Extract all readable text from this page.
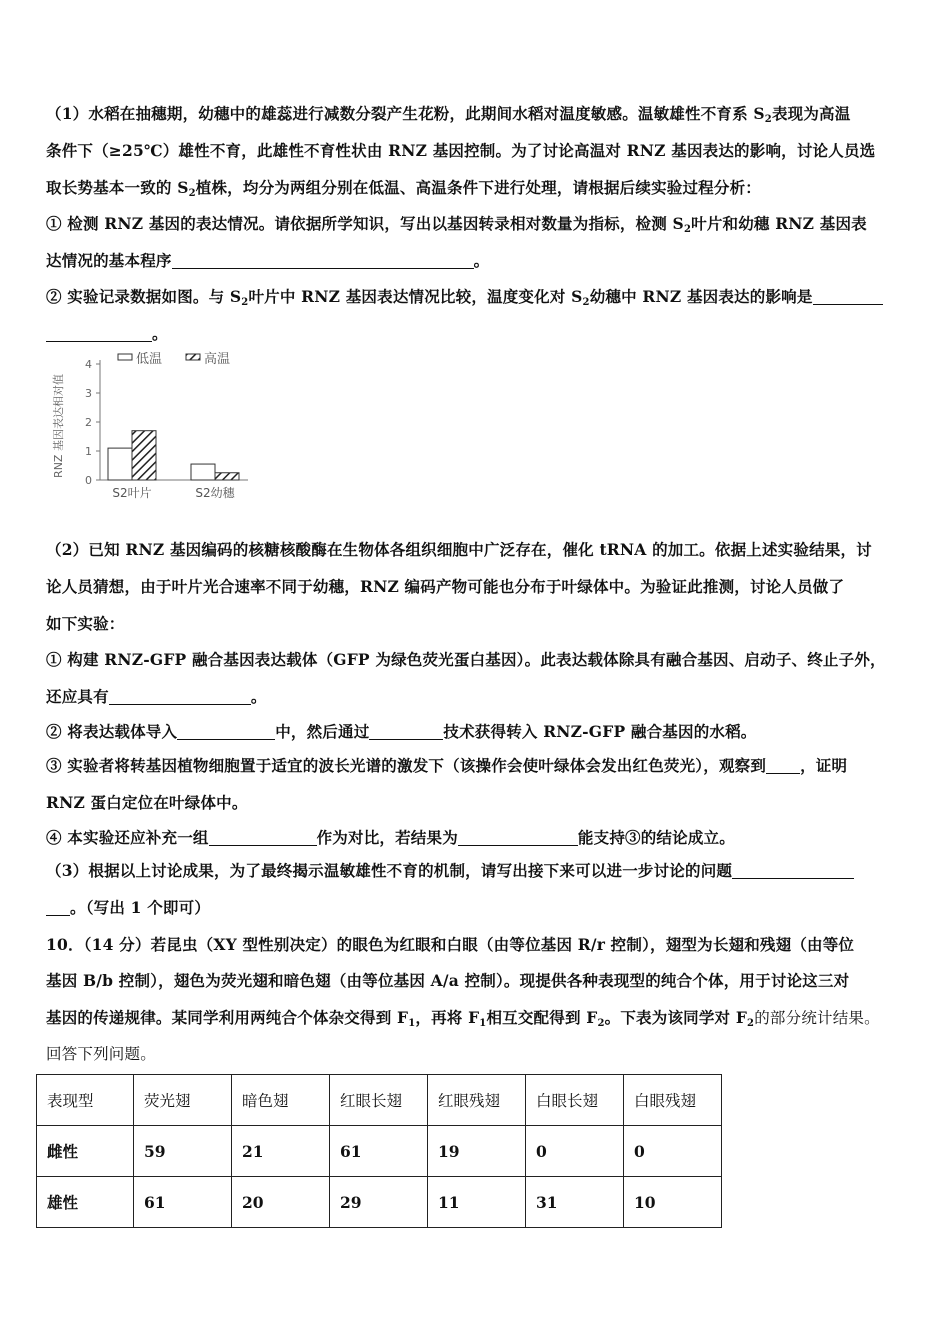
（1）水稻在抽穗期，幼穗中的雄蕊进行减数分裂产生花粉，此期间水稻对温度敏感。温敏雄性不育系 $S_2$表现为高温
条件下（≥25℃）雄性不育，此雄性不育性状由 RNZ 基因控制。为了讨论高温对 RNZ 基因表达的影响，讨论人员选
取长势基本一致的 $S_2$植株，均分为两组分别在低温、高温条件下进行处理，请根据后续实验过程分析：
① 检测 RNZ 基因的表达情况。请依据所学知识，写出以基因转录相对数量为指标，检测 $S_2$叶片和幼穗 RNZ 基因表
达情况的基本程序	。
② 实验记录数据如图。与 $S_2$叶片中 RNZ 基因表达情况比较，温度变化对 $S_2$幼穗中 RNZ 基因表达的影响是
。
RNZ 基因表达相对值
0
1
2
3
4
S2叶片	S2幼穗
低温	高温
（2）已知 RNZ 基因编码的核糖核酸酶在生物体各组织细胞中广泛存在，催化 tRNA 的加工。依据上述实验结果，讨
论人员猜想，由于叶片光合速率不同于幼穗，RNZ 编码产物可能也分布于叶绿体中。为验证此推测，讨论人员做了
如下实验：
① 构建 RNZ-GFP 融合基因表达载体（GFP 为绿色荧光蛋白基因）。此表达载体除具有融合基因、启动子、终止子外，
还应具有	。
② 将表达载体导入	中，然后通过	技术获得转入 RNZ-GFP 融合基因的水稻。
③ 实验者将转基因植物细胞置于适宜的波长光谱的激发下（该操作会使叶绿体会发出红色荧光），观察到 ，证明
RNZ 蛋白定位在叶绿体中。
④ 本实验还应补充一组	作为对比，若结果为	能支持③的结论成立。
（3）根据以上讨论成果，为了最终揭示温敏雄性不育的机制，请写出接下来可以进一步讨论的问题
。（写出 1 个即可）
10．（14 分）若昆虫（XY 型性别决定）的眼色为红眼和白眼（由等位基因 R/r 控制），翅型为长翅和残翅（由等位
基因 B/b 控制），翅色为荧光翅和暗色翅（由等位基因 A/a 控制）。现提供各种表现型的纯合个体，用于讨论这三对
基因的传递规律。某同学利用两纯合个体杂交得到 $F_1$，再将 $F_1$相互交配得到 $F_2$。下表为该同学对 $F_2$的部分统计结果。
回答下列问题。
表现型	荧光翅	暗色翅	红眼长翅	红眼残翅	白眼长翅	白眼残翅
雌性	59	21	61	19	0	0
雄性	61	20	29	11	31	10
